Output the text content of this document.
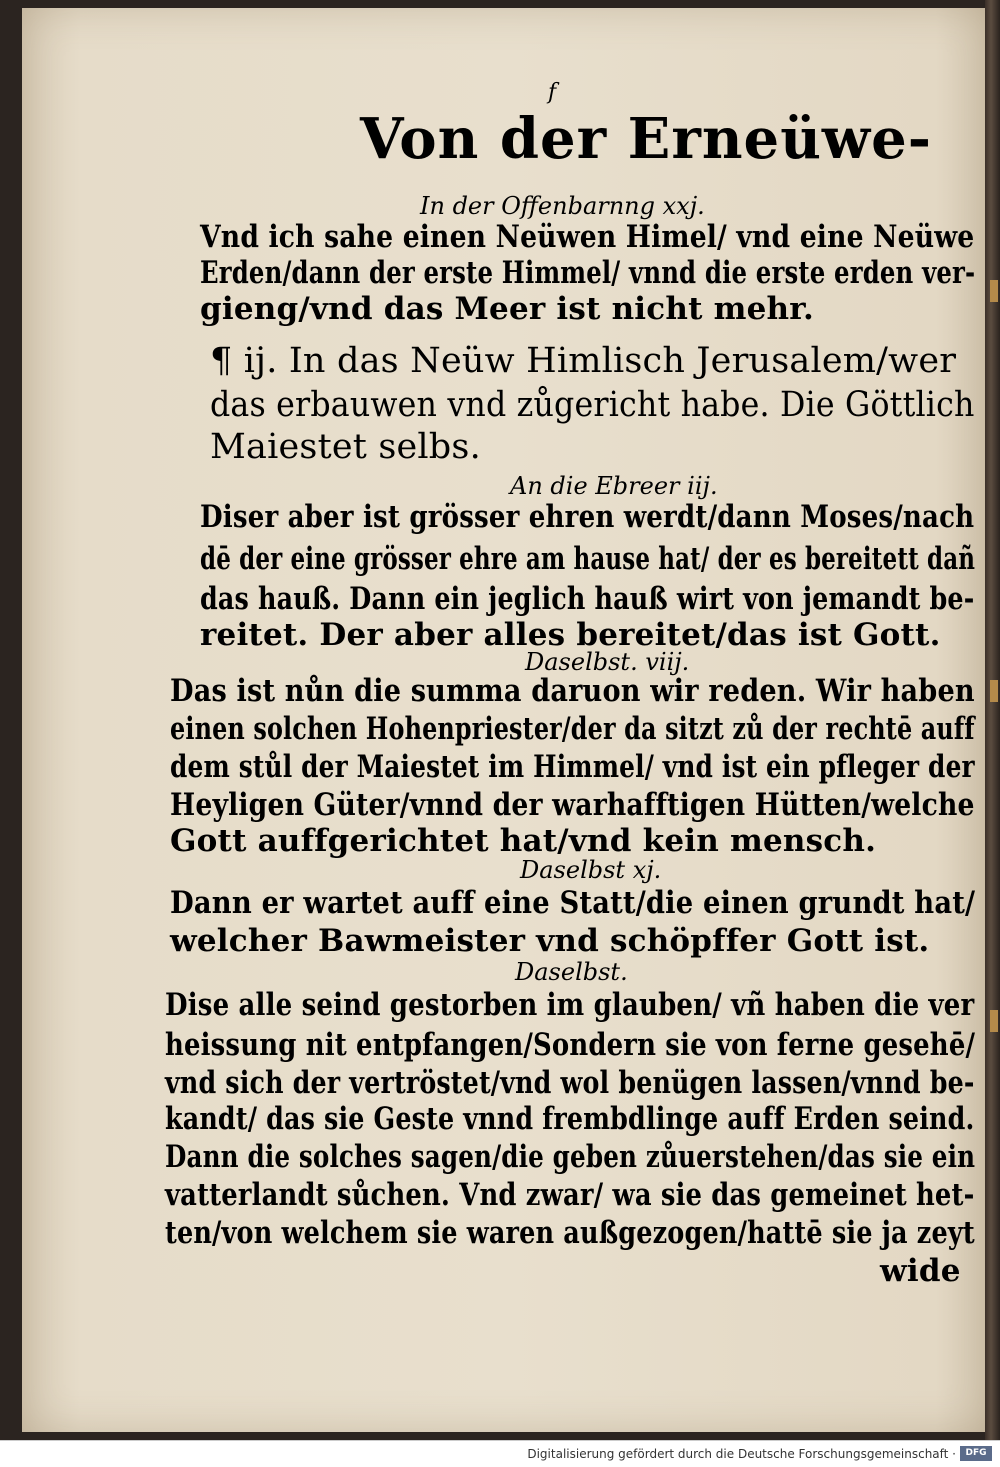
f
Von der Erneüwe-
In der Offenbarnng xxj.
Vnd ich sahe einen Neüwen Himel/ vnd eine Neüwe
Erden/dann der erste Himmel/ vnnd die erste erden ver-
gieng/vnd das Meer ist nicht mehr.
¶ ij. In das Neüw Himlisch Jerusalem/wer
das erbauwen vnd zůgericht habe. Die Göttlich
Maiestet selbs.
An die Ebreer iij.
Diser aber ist grösser ehren werdt/dann Moses/nach
dē der eine grösser ehre am hause hat/ der es bereitett dañ
das hauß. Dann ein jeglich hauß wirt von jemandt be-
reitet. Der aber alles bereitet/das ist Gott.
Daselbst. viij.
Das ist nůn die summa daruon wir reden. Wir haben
einen solchen Hohenpriester/der da sitzt zů der rechtē auff
dem stůl der Maiestet im Himmel/ vnd ist ein pfleger der
Heyligen Güter/vnnd der warhafftigen Hütten/welche
Gott auffgerichtet hat/vnd kein mensch.
Daselbst xj.
Dann er wartet auff eine Statt/die einen grundt hat/
welcher Bawmeister vnd schöpffer Gott ist.
Daselbst.
Dise alle seind gestorben im glauben/ vñ haben die ver
heissung nit entpfangen/Sondern sie von ferne gesehē/
vnd sich der vertröstet/vnd wol benügen lassen/vnnd be-
kandt/ das sie Geste vnnd frembdlinge auff Erden seind.
Dann die solches sagen/die geben zůuerstehen/das sie ein
vatterlandt sůchen. Vnd zwar/ wa sie das gemeinet het-
ten/von welchem sie waren außgezogen/hattē sie ja zeyt
wide
Digitalisierung gefördert durch die Deutsche Forschungsgemeinschaft ·	DFG
